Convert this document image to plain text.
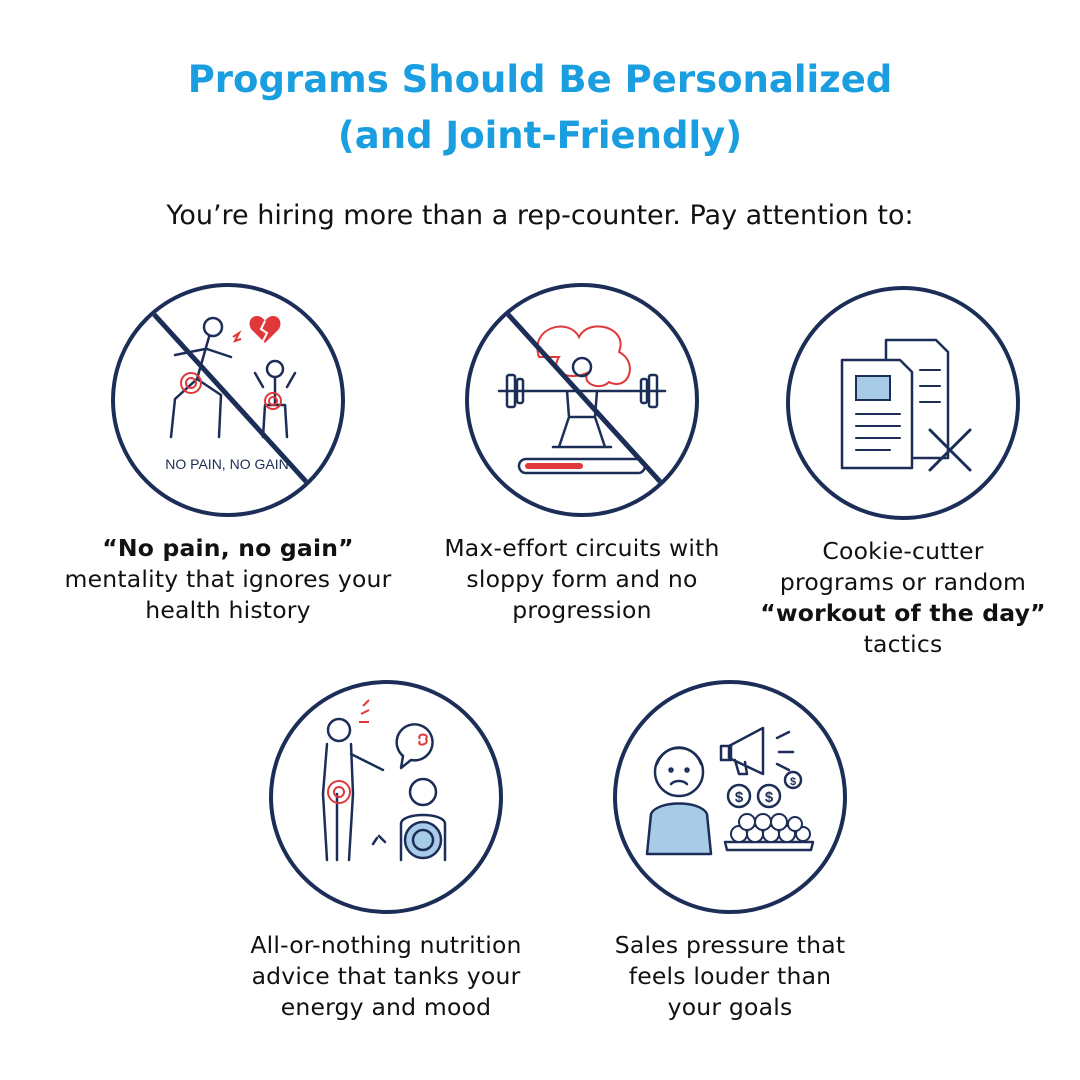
Programs Should Be Personalized
(and Joint-Friendly)

You’re hiring more than a rep-counter. Pay attention to:

NO PAIN, NO GAIN
“No pain, no gain”
mentality that ignores your
health history
Max-effort circuits with
sloppy form and no
progression
Cookie-cutter
programs or random
“workout of the day”
tactics
All-or-nothing nutrition
advice that tanks your
energy and mood
$ $
$
Sales pressure that
feels louder than
your goals
